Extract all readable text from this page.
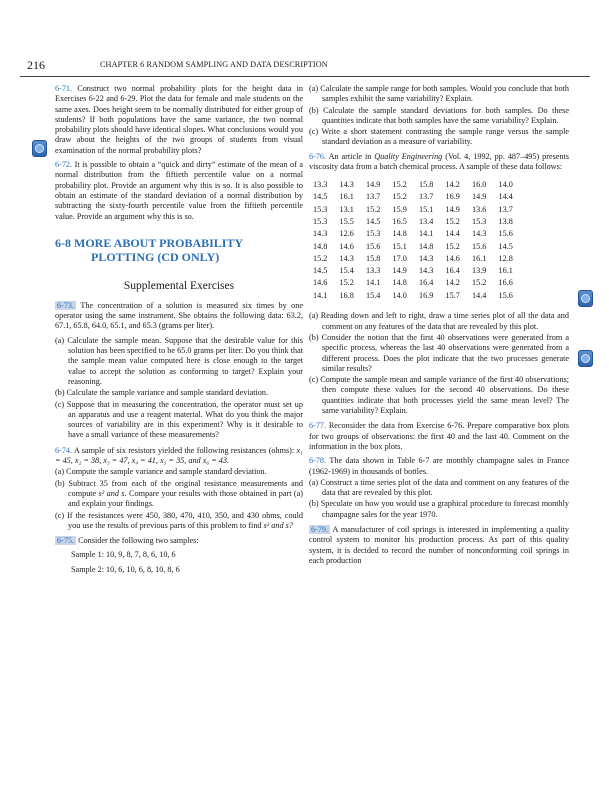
216	CHAPTER 6 RANDOM SAMPLING AND DATA DESCRIPTION

6-71. Construct two normal probability plots for the height data in Exercises 6-22 and 6-29. Plot the data for female and male students on the same axes. Does height seem to be normally distributed for either group of students? If both populations have the same variance, the two normal probability plots should have identical slopes. What conclusions would you draw about the heights of the two groups of students from visual examination of the normal probability plots?

6-72. It is possible to obtain a “quick and dirty” estimate of the mean of a normal distribution from the fiftieth percentile value on a normal probability plot. Provide an argument why this is so. It is also possible to obtain an estimate of the standard deviation of a normal distribution by subtracting the sixty-fourth percentile value from the fiftieth percentile value. Provide an argument why this is so.

6-8 MORE ABOUT PROBABILITY
PLOTTING (CD ONLY)
Supplemental Exercises

6-73. The concentration of a solution is measured six times by one operator using the same instrument. She obtains the following data: 63.2, 67.1, 65.8, 64.0, 65.1, and 65.3 (grams per liter).

(a) Calculate the sample mean. Suppose that the desirable value for this solution has been specified to be 65.0 grams per liter. Do you think that the sample mean value computed here is close enough to the target value to accept the solution as conforming to target? Explain your reasoning.

(b) Calculate the sample variance and sample standard deviation.

(c) Suppose that in measuring the concentration, the operator must set up an apparatus and use a reagent material. What do you think the major sources of variability are in this experiment? Why is it desirable to have a small variance of these measurements?

6-74. A sample of six resistors yielded the following resistances (ohms): x₁ = 45, x₂ = 38, x₃ = 47, x₄ = 41, x₅ = 35, and x₆ = 43.

(a) Compute the sample variance and sample standard deviation.

(b) Subtract 35 from each of the original resistance measurements and compute s² and s. Compare your results with those obtained in part (a) and explain your findings.

(c) If the resistances were 450, 380, 470, 410, 350, and 430 ohms, could you use the results of previous parts of this problem to find s² and s?

6-75. Consider the following two samples:

Sample 1: 10, 9, 8, 7, 8, 6, 10, 6
Sample 2: 10, 6, 10, 6, 8, 10, 8, 6

(a) Calculate the sample range for both samples. Would you conclude that both samples exhibit the same variability? Explain.

(b) Calculate the sample standard deviations for both samples. Do these quantities indicate that both samples have the same variability? Explain.

(c) Write a short statement contrasting the sample range versus the sample standard deviation as a measure of variability.

6-76. An article in Quality Engineering (Vol. 4, 1992, pp. 487–495) presents viscosity data from a batch chemical process. A sample of these data follows:

13.3	14.3	14.9	15.2	15.8	14.2	16.0	14.0
14.5	16.1	13.7	15.2	13.7	16.9	14.9	14.4
15.3	13.1	15.2	15.9	15.1	14.9	13.6	13.7
15.3	15.5	14.5	16.5	13.4	15.2	15.3	13.8
14.3	12.6	15.3	14.8	14.1	14.4	14.3	15.6
14.8	14.6	15.6	15.1	14.8	15.2	15.6	14.5
15.2	14.3	15.8	17.0	14.3	14.6	16.1	12.8
14.5	15.4	13.3	14.9	14.3	16.4	13.9	16.1
14.6	15.2	14.1	14.8	16.4	14.2	15.2	16.6
14.1	16.8	15.4	14.0	16.9	15.7	14.4	15.6

(a) Reading down and left to right, draw a time series plot of all the data and comment on any features of the data that are revealed by this plot.

(b) Consider the notion that the first 40 observations were generated from a specific process, whereas the last 40 observations were generated from a different process. Does the plot indicate that the two processes generate similar results?

(c) Compute the sample mean and sample variance of the first 40 observations; then compute these values for the second 40 observations. Do these quantities indicate that both processes yield the same mean level? The same variability? Explain.

6-77. Reconsider the data from Exercise 6-76. Prepare comparative box plots for two groups of observations: the first 40 and the last 40. Comment on the information in the box plots.

6-78. The data shown in Table 6-7 are monthly champagne sales in France (1962-1969) in thousands of bottles.

(a) Construct a time series plot of the data and comment on any features of the data that are revealed by this plot.

(b) Speculate on how you would use a graphical procedure to forecast monthly champagne sales for the year 1970.

6-79. A manufacturer of coil springs is interested in implementing a quality control system to monitor his production process. As part of this quality system, it is decided to record the number of nonconforming coil springs in each production
